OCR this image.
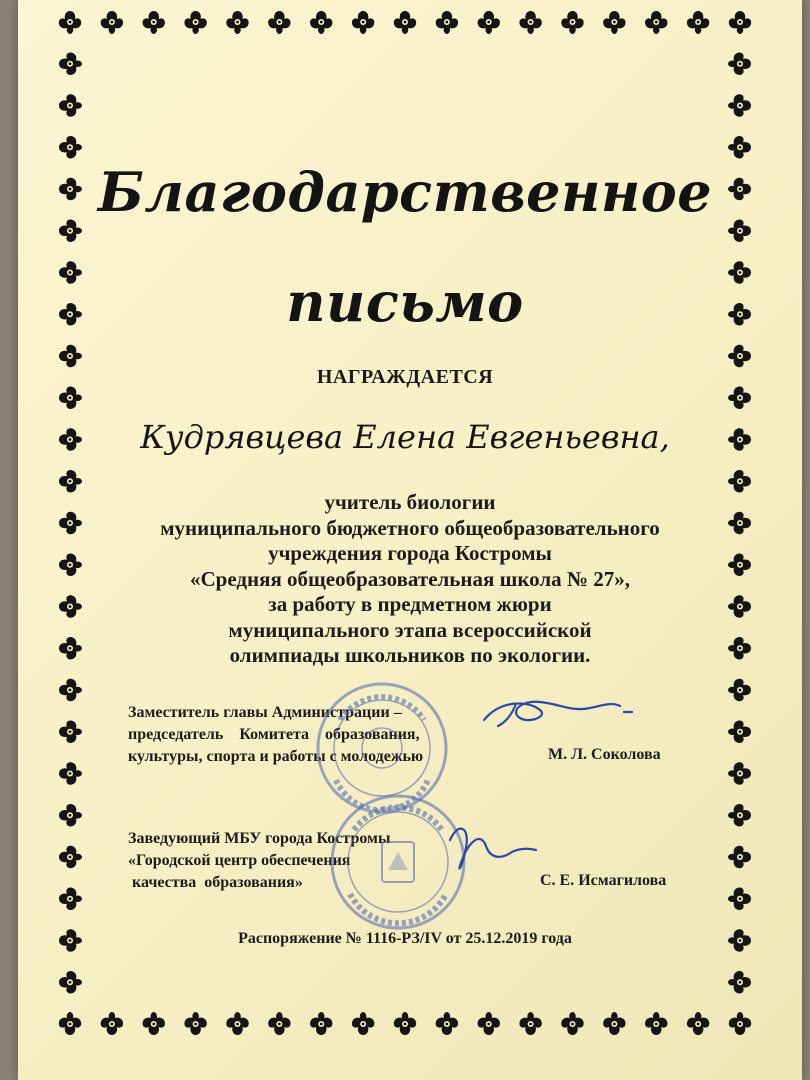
Благодарственное
письмо
НАГРАЖДАЕТСЯ
Кудрявцева Елена Евгеньевна,
учитель биологии
муниципального бюджетного общеобразовательного
учреждения города Костромы
«Средняя общеобразовательная школа № 27»,
за работу в предметном жюри
муниципального этапа всероссийской
олимпиады школьников по экологии.
Заместитель главы Администрации –
председатель    Комитета    образования,
культуры, спорта и работы с молодежью	М. Л. Соколова
Заведующий МБУ города Костромы
«Городской центр обеспечения
качества  образования»	С. Е. Исмагилова
Распоряжение № 1116-РЗ/IV от 25.12.2019 года
